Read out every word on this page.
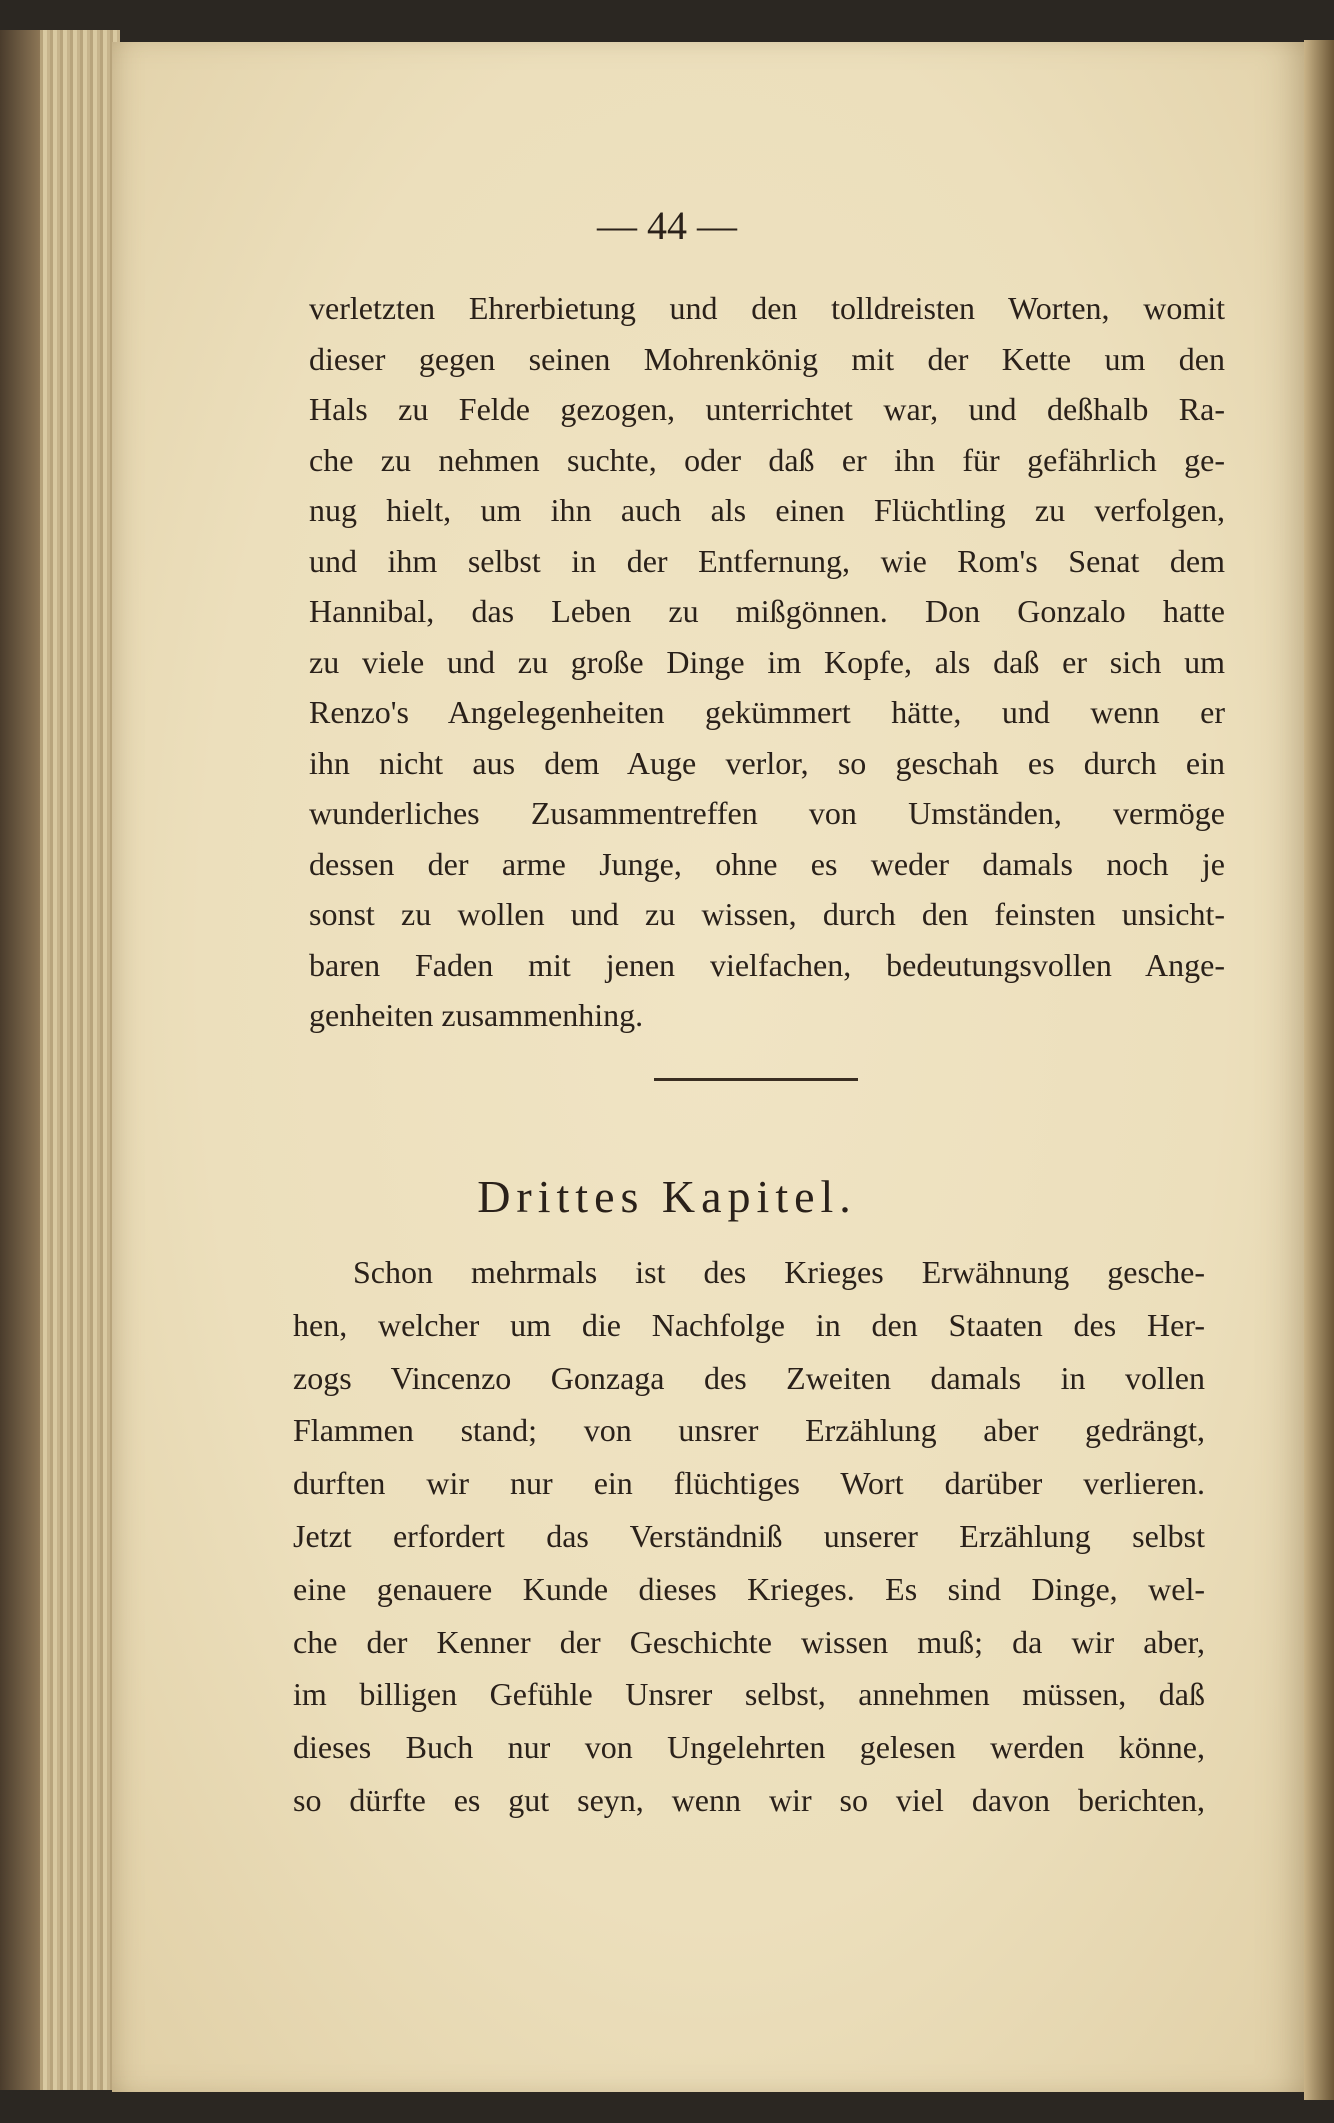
— 44 —
verletzten Ehrerbietung und den tolldreisten Worten, womit
dieser gegen seinen Mohrenkönig mit der Kette um den
Hals zu Felde gezogen, unterrichtet war, und deßhalb Ra-
che zu nehmen suchte, oder daß er ihn für gefährlich ge-
nug hielt, um ihn auch als einen Flüchtling zu verfolgen,
und ihm selbst in der Entfernung, wie Rom's Senat dem
Hannibal, das Leben zu mißgönnen. Don Gonzalo hatte
zu viele und zu große Dinge im Kopfe, als daß er sich um
Renzo's Angelegenheiten gekümmert hätte, und wenn er
ihn nicht aus dem Auge verlor, so geschah es durch ein
wunderliches Zusammentreffen von Umständen, vermöge
dessen der arme Junge, ohne es weder damals noch je
sonst zu wollen und zu wissen, durch den feinsten unsicht-
baren Faden mit jenen vielfachen, bedeutungsvollen Ange-
genheiten zusammenhing.
Drittes Kapitel.
Schon mehrmals ist des Krieges Erwähnung gesche-
hen, welcher um die Nachfolge in den Staaten des Her-
zogs Vincenzo Gonzaga des Zweiten damals in vollen
Flammen stand; von unsrer Erzählung aber gedrängt,
durften wir nur ein flüchtiges Wort darüber verlieren.
Jetzt erfordert das Verständniß unserer Erzählung selbst
eine genauere Kunde dieses Krieges. Es sind Dinge, wel-
che der Kenner der Geschichte wissen muß; da wir aber,
im billigen Gefühle Unsrer selbst, annehmen müssen, daß
dieses Buch nur von Ungelehrten gelesen werden könne,
so dürfte es gut seyn, wenn wir so viel davon berichten,
